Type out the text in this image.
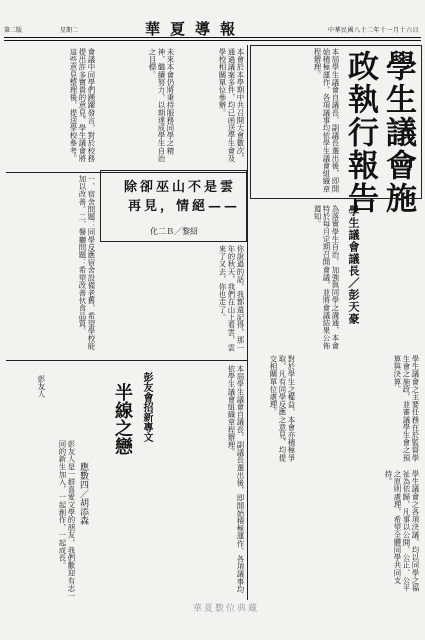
中華民國八十二年十一月十六日
華夏導報
星期二
第二版
學生議會施
政執行報告
學生議會議長／彭天豪
本屆學生議會自議長、副議長選出後，即開始積極運作，各項議事均依學生議會組織章程辦理。
為落實學生自治，加強與同學之溝通，本會特於每月定期召開會議，並將會議結果公佈週知。
學生議會之主要任務在於監督學生會之施政，並審議學生會之預算與決算。
對於學生之權益，本會亦積極爭取，凡有同學反應之意見，均提交相關單位處理。
學生議會之各項決議，均以同學之福祉為依歸，凡事以公開、公正、公平之原則處理，希望全體同學共同支持。
本會於本學期中共召開大會數次，通過議案多件，均已函送學生會及學校相關單位參辦。
未來本會仍將秉持服務同學之精神，繼續努力，以期達成學生自治之目標。
會議中同學們踴躍發言，對於校務提出許多寶貴的意見。學生議會將這些意見整理後，提送學校參考。
一、宿舍問題：同學反應宿舍設備老舊，希望學校能加以改善。二、餐廳問題：希望改善伙食品質。	除卻巫山不是雲
——再見，情絕
化二Ｂ／黎紹
你說過的話，我都還記得，那一年的秋天，我們在山上看雲，雲來了又去，你也走了。
彭友會招新專文
半線之戀
應數四／胡添森
彭友人
彭友人是一群喜愛文學的朋友，我們歡迎有志一同的新生加入，一起創作，一起成長。	本屆學生議會自議長、副議長選出後，即開始積極運作，各項議事均依學生議會組織章程辦理。
華夏數位典藏
